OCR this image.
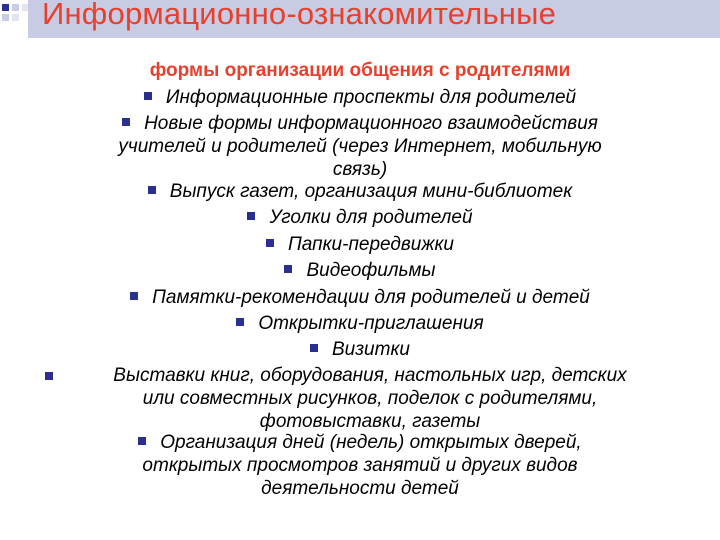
Информационно-ознакомительные
формы организации общения с родителями
Информационные проспекты для родителей
Новые формы информационного взаимодействия
учителей и родителей (через Интернет, мобильную
связь)
Выпуск газет, организация мини-библиотек
Уголки для родителей
Папки-передвижки
Видеофильмы
Памятки-рекомендации для родителей и детей
Открытки-приглашения
Визитки
Выставки книг, оборудования, настольных игр, детских
или совместных рисунков, поделок с родителями,
фотовыставки, газеты
Организация дней (недель) открытых дверей,
открытых просмотров занятий и других видов
деятельности детей
